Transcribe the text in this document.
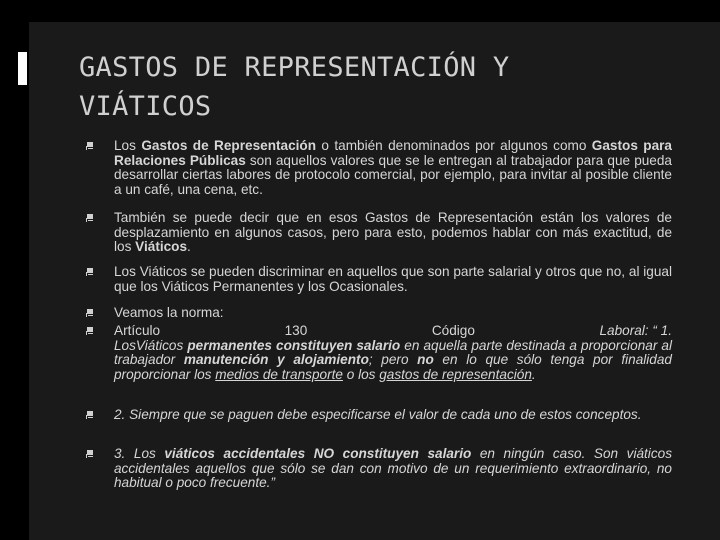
GASTOS DE REPRESENTACIÓN Y
VIÁTICOS
Los Gastos de Representación o también denominados por algunos como Gastos para Relaciones Públicas son aquellos valores que se le entregan al trabajador para que pueda desarrollar ciertas labores de protocolo comercial, por ejemplo, para invitar al posible cliente a un café, una cena, etc.
También se puede decir que en esos Gastos de Representación están los valores de desplazamiento en algunos casos, pero para esto, podemos hablar con más exactitud, de los Viáticos.
Los Viáticos se pueden discriminar en aquellos que son parte salarial y otros que no, al igual que los Viáticos Permanentes y los Ocasionales.
Veamos la norma:
Artículo	130	Código	Laboral: “ 1.
LosViáticos permanentes constituyen salario en aquella parte destinada a proporcionar al trabajador manutención y alojamiento; pero no en lo que sólo tenga por finalidad proporcionar los medios de transporte o los gastos de representación.
2. Siempre que se paguen debe especificarse el valor de cada uno de estos conceptos.
3. Los viáticos accidentales NO constituyen salario en ningún caso. Son viáticos accidentales aquellos que sólo se dan con motivo de un requerimiento extraordinario, no habitual o poco frecuente.”
